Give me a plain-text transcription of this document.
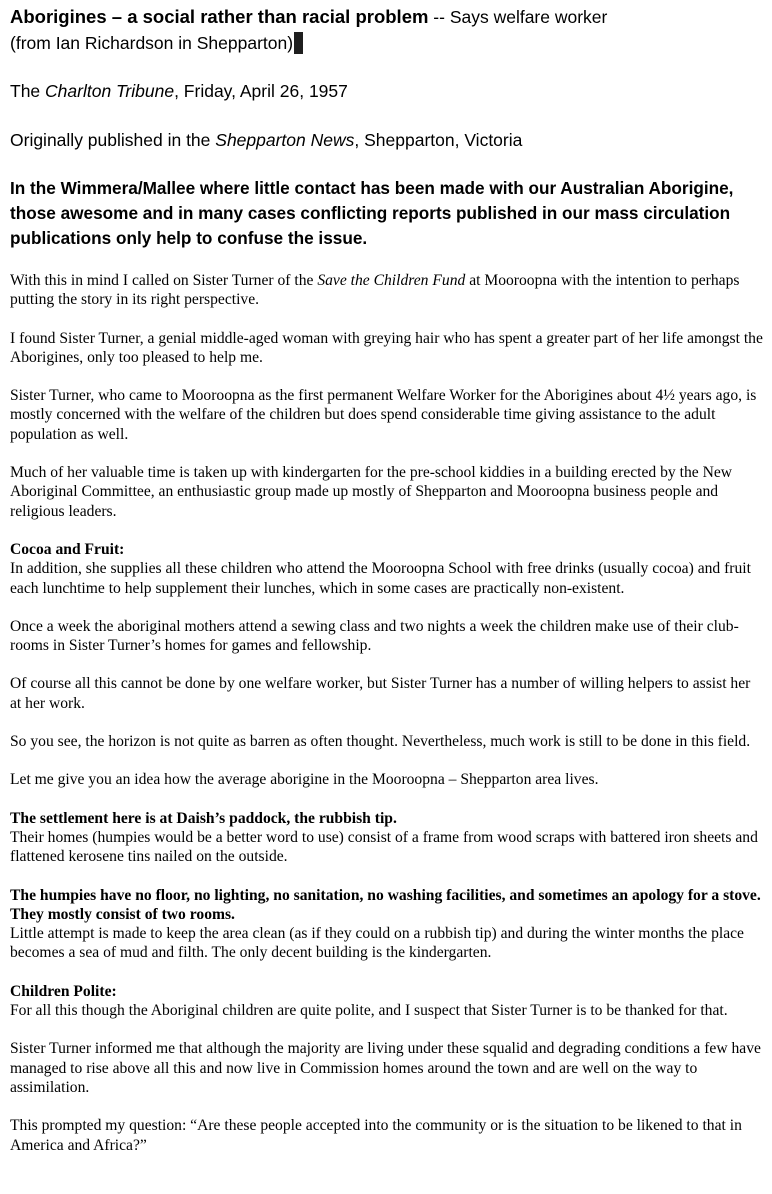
Aborigines – a social rather than racial problem -- Says welfare worker
(from Ian Richardson in Shepparton)
The Charlton Tribune, Friday, April 26, 1957
Originally published in the Shepparton News, Shepparton, Victoria
In the Wimmera/Mallee where little contact has been made with our Australian Aborigine, those awesome and in many cases conflicting reports published in our mass circulation publications only help to confuse the issue.

With this in mind I called on Sister Turner of the Save the Children Fund at Mooroopna with the intention to perhaps putting the story in its right perspective.

I found Sister Turner, a genial middle-aged woman with greying hair who has spent a greater part of her life amongst the Aborigines, only too pleased to help me.

Sister Turner, who came to Mooroopna as the first permanent Welfare Worker for the Aborigines about 4½ years ago, is mostly concerned with the welfare of the children but does spend considerable time giving assistance to the adult population as well.

Much of her valuable time is taken up with kindergarten for the pre-school kiddies in a building erected by the New Aboriginal Committee, an enthusiastic group made up mostly of Shepparton and Mooroopna business people and religious leaders.

Cocoa and Fruit:
In addition, she supplies all these children who attend the Mooroopna School with free drinks (usually cocoa) and fruit each lunchtime to help supplement their lunches, which in some cases are practically non-existent.

Once a week the aboriginal mothers attend a sewing class and two nights a week the children make use of their club-rooms in Sister Turner’s homes for games and fellowship.

Of course all this cannot be done by one welfare worker, but Sister Turner has a number of willing helpers to assist her at her work.

So you see, the horizon is not quite as barren as often thought. Nevertheless, much work is still to be done in this field.

Let me give you an idea how the average aborigine in the Mooroopna – Shepparton area lives.

The settlement here is at Daish’s paddock, the rubbish tip.
Their homes (humpies would be a better word to use) consist of a frame from wood scraps with battered iron sheets and flattened kerosene tins nailed on the outside.

The humpies have no floor, no lighting, no sanitation, no washing facilities, and sometimes an apology for a stove. They mostly consist of two rooms.
Little attempt is made to keep the area clean (as if they could on a rubbish tip) and during the winter months the place becomes a sea of mud and filth. The only decent building is the kindergarten.

Children Polite:
For all this though the Aboriginal children are quite polite, and I suspect that Sister Turner is to be thanked for that.

Sister Turner informed me that although the majority are living under these squalid and degrading conditions a few have managed to rise above all this and now live in Commission homes around the town and are well on the way to assimilation.

This prompted my question: “Are these people accepted into the community or is the situation to be likened to that in America and Africa?”
